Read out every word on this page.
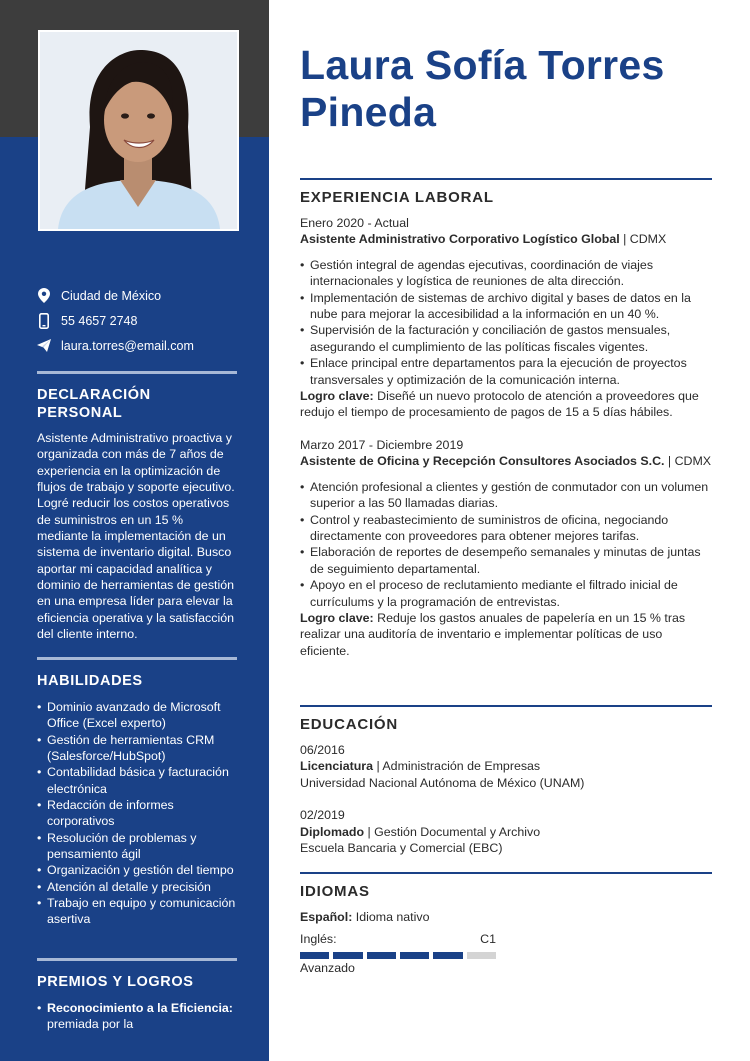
Ciudad de México
55 4657 2748
laura.torres@email.com
DECLARACIÓN PERSONAL
Asistente Administrativo proactiva y organizada con más de 7 años de experiencia en la optimización de flujos de trabajo y soporte ejecutivo. Logré reducir los costos operativos de suministros en un 15 % mediante la implementación de un sistema de inventario digital. Busco aportar mi capacidad analítica y dominio de herramientas de gestión en una empresa líder para elevar la eficiencia operativa y la satisfacción del cliente interno.
HABILIDADES
• Dominio avanzado de Microsoft Office (Excel experto)
• Gestión de herramientas CRM (Salesforce/HubSpot)
• Contabilidad básica y facturación electrónica
• Redacción de informes corporativos
• Resolución de problemas y pensamiento ágil
• Organización y gestión del tiempo
• Atención al detalle y precisión
• Trabajo en equipo y comunicación asertiva
PREMIOS Y LOGROS
• Reconocimiento a la Eficiencia: premiada por la
Laura Sofía Torres Pineda
EXPERIENCIA LABORAL
Enero 2020 - Actual
Asistente Administrativo Corporativo Logístico Global | CDMX
• Gestión integral de agendas ejecutivas, coordinación de viajes internacionales y logística de reuniones de alta dirección.
• Implementación de sistemas de archivo digital y bases de datos en la nube para mejorar la accesibilidad a la información en un 40 %.
• Supervisión de la facturación y conciliación de gastos mensuales, asegurando el cumplimiento de las políticas fiscales vigentes.
• Enlace principal entre departamentos para la ejecución de proyectos transversales y optimización de la comunicación interna.
Logro clave: Diseñé un nuevo protocolo de atención a proveedores que redujo el tiempo de procesamiento de pagos de 15 a 5 días hábiles.
Marzo 2017 - Diciembre 2019
Asistente de Oficina y Recepción Consultores Asociados S.C. | CDMX
• Atención profesional a clientes y gestión de conmutador con un volumen superior a las 50 llamadas diarias.
• Control y reabastecimiento de suministros de oficina, negociando directamente con proveedores para obtener mejores tarifas.
• Elaboración de reportes de desempeño semanales y minutas de juntas de seguimiento departamental.
• Apoyo en el proceso de reclutamiento mediante el filtrado inicial de currículums y la programación de entrevistas.
Logro clave: Reduje los gastos anuales de papelería en un 15 % tras realizar una auditoría de inventario e implementar políticas de uso eficiente.
EDUCACIÓN
06/2016
Licenciatura | Administración de Empresas
Universidad Nacional Autónoma de México (UNAM)
02/2019
Diplomado | Gestión Documental y Archivo
Escuela Bancaria y Comercial (EBC)
IDIOMAS
Español: Idioma nativo
Inglés:	C1
Avanzado
